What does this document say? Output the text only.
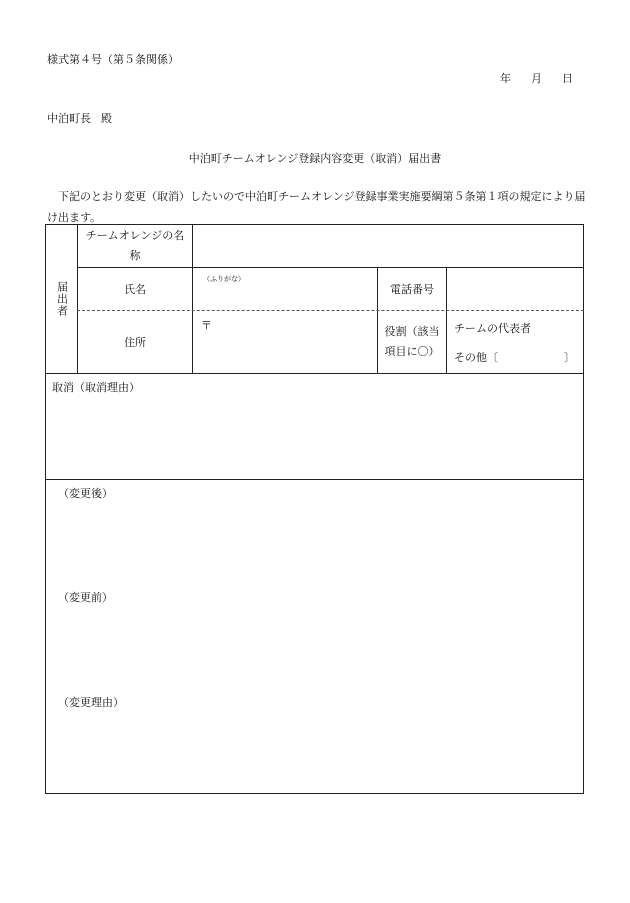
様式第４号（第５条関係）
年 月 日
中泊町長 殿
中泊町チームオレンジ登録内容変更（取消）届出書
下記のとおり変更（取消）したいので中泊町チームオレンジ登録事業実施要綱第５条第１項の規定により届け出ます。
届出者
チームオレンジの名称
氏名
（ふりがな）
電話番号
住所
〒	役割（該当項目に〇）
チームの代表者
その他〔　　　　　　〕
取消（取消理由）
（変更後）
（変更前）
（変更理由）
